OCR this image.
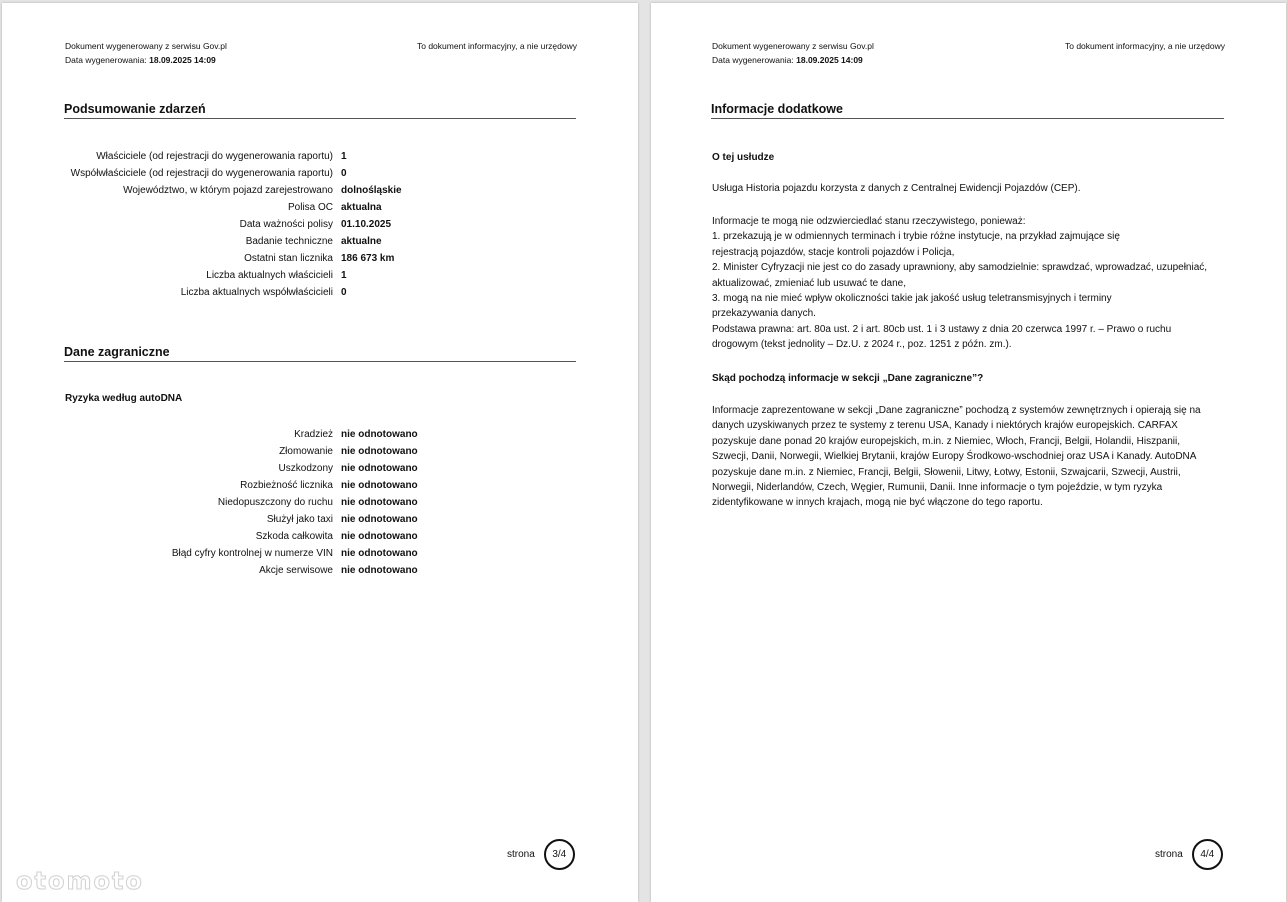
Dokument wygenerowany z serwisu Gov.pl
Data wygenerowania: 18.09.2025 14:09
To dokument informacyjny, a nie urzędowy
Podsumowanie zdarzeń
Właściciele (od rejestracji do wygenerowania raportu) 1
Współwłaściciele (od rejestracji do wygenerowania raportu) 0
Województwo, w którym pojazd zarejestrowano dolnośląskie
Polisa OC aktualna
Data ważności polisy 01.10.2025
Badanie techniczne aktualne
Ostatni stan licznika 186 673 km
Liczba aktualnych właścicieli 1
Liczba aktualnych współwłaścicieli 0
Dane zagraniczne
Ryzyka według autoDNA
Kradzież nie odnotowano
Złomowanie nie odnotowano
Uszkodzony nie odnotowano
Rozbieżność licznika nie odnotowano
Niedopuszczony do ruchu nie odnotowano
Służył jako taxi nie odnotowano
Szkoda całkowita nie odnotowano
Błąd cyfry kontrolnej w numerze VIN nie odnotowano
Akcje serwisowe nie odnotowano
strona	3/4
otomoto
Dokument wygenerowany z serwisu Gov.pl
Data wygenerowania: 18.09.2025 14:09
To dokument informacyjny, a nie urzędowy
Informacje dodatkowe
O tej usłudze

Usługa Historia pojazdu korzysta z danych z Centralnej Ewidencji Pojazdów (CEP).

Informacje te mogą nie odzwierciedlać stanu rzeczywistego, ponieważ:
1. przekazują je w odmiennych terminach i trybie różne instytucje, na przykład zajmujące się
rejestracją pojazdów, stacje kontroli pojazdów i Policja,
2. Minister Cyfryzacji nie jest co do zasady uprawniony, aby samodzielnie: sprawdzać, wprowadzać, uzupełniać,
aktualizować, zmieniać lub usuwać te dane,
3. mogą na nie mieć wpływ okoliczności takie jak jakość usług teletransmisyjnych i terminy
przekazywania danych.
Podstawa prawna: art. 80a ust. 2 i art. 80cb ust. 1 i 3 ustawy z dnia 20 czerwca 1997 r. – Prawo o ruchu
drogowym (tekst jednolity – Dz.U. z 2024 r., poz. 1251 z późn. zm.).
Skąd pochodzą informacje w sekcji „Dane zagraniczne”?
Informacje zaprezentowane w sekcji „Dane zagraniczne” pochodzą z systemów zewnętrznych i opierają się na
danych uzyskiwanych przez te systemy z terenu USA, Kanady i niektórych krajów europejskich. CARFAX
pozyskuje dane ponad 20 krajów europejskich, m.in. z Niemiec, Włoch, Francji, Belgii, Holandii, Hiszpanii,
Szwecji, Danii, Norwegii, Wielkiej Brytanii, krajów Europy Środkowo-wschodniej oraz USA i Kanady. AutoDNA
pozyskuje dane m.in. z Niemiec, Francji, Belgii, Słowenii, Litwy, Łotwy, Estonii, Szwajcarii, Szwecji, Austrii,
Norwegii, Niderlandów, Czech, Węgier, Rumunii, Danii. Inne informacje o tym pojeździe, w tym ryzyka
zidentyfikowane w innych krajach, mogą nie być włączone do tego raportu.
strona	4/4
